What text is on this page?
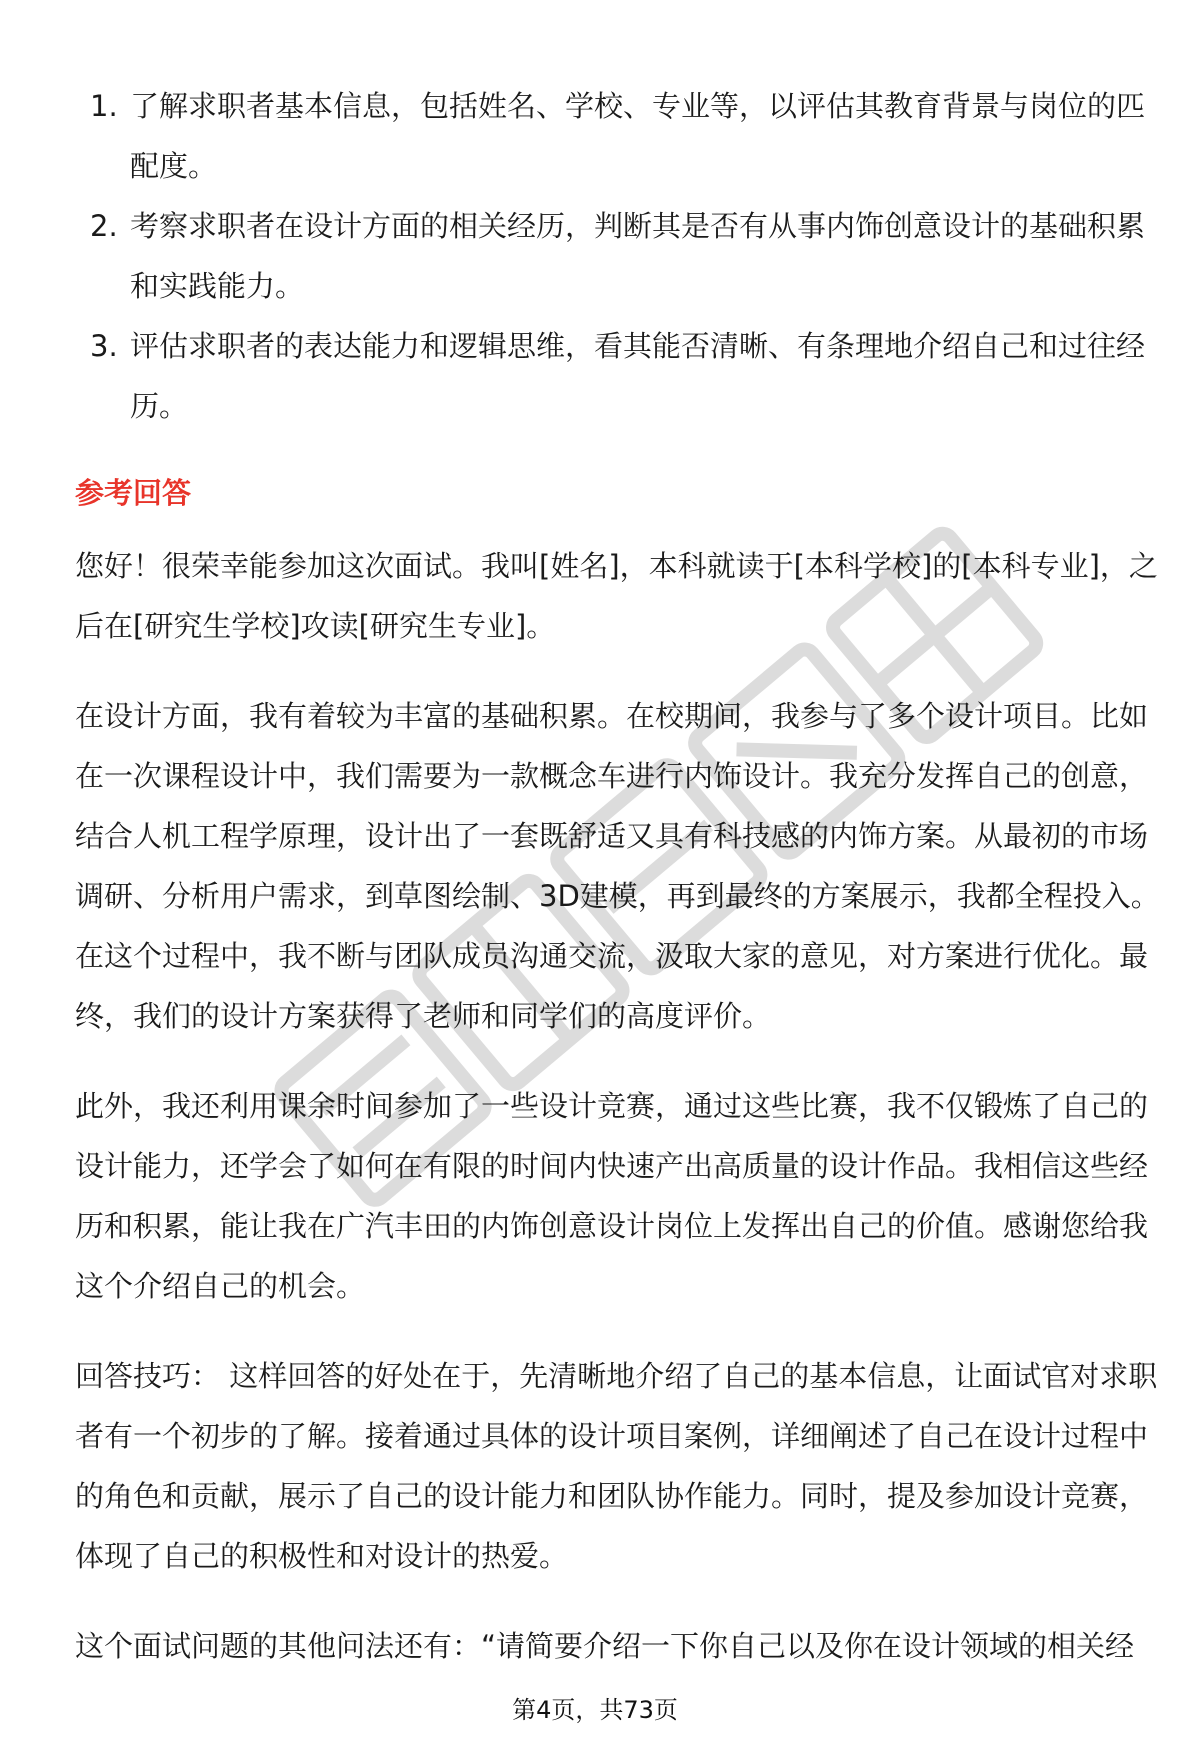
1. 了解求职者基本信息，包括姓名、学校、专业等，以评估其教育背景与岗位的匹配度。
2. 考察求职者在设计方面的相关经历，判断其是否有从事内饰创意设计的基础积累和实践能力。
3. 评估求职者的表达能力和逻辑思维，看其能否清晰、有条理地介绍自己和过往经历。
参考回答
您好！很荣幸能参加这次面试。我叫[姓名]，本科就读于[本科学校]的[本科专业]，之后在[研究生学校]攻读[研究生专业]。
在设计方面，我有着较为丰富的基础积累。在校期间，我参与了多个设计项目。比如在一次课程设计中，我们需要为一款概念车进行内饰设计。我充分发挥自己的创意，结合人机工程学原理，设计出了一套既舒适又具有科技感的内饰方案。从最初的市场调研、分析用户需求，到草图绘制、3D建模，再到最终的方案展示，我都全程投入。在这个过程中，我不断与团队成员沟通交流，汲取大家的意见，对方案进行优化。最终，我们的设计方案获得了老师和同学们的高度评价。
此外，我还利用课余时间参加了一些设计竞赛，通过这些比赛，我不仅锻炼了自己的设计能力，还学会了如何在有限的时间内快速产出高质量的设计作品。我相信这些经历和积累，能让我在广汽丰田的内饰创意设计岗位上发挥出自己的价值。感谢您给我这个介绍自己的机会。
回答技巧： 这样回答的好处在于，先清晰地介绍了自己的基本信息，让面试官对求职者有一个初步的了解。接着通过具体的设计项目案例，详细阐述了自己在设计过程中的角色和贡献，展示了自己的设计能力和团队协作能力。同时，提及参加设计竞赛，体现了自己的积极性和对设计的热爱。
这个面试问题的其他问法还有：“请简要介绍一下你自己以及你在设计领域的相关经
第4页，共73页
